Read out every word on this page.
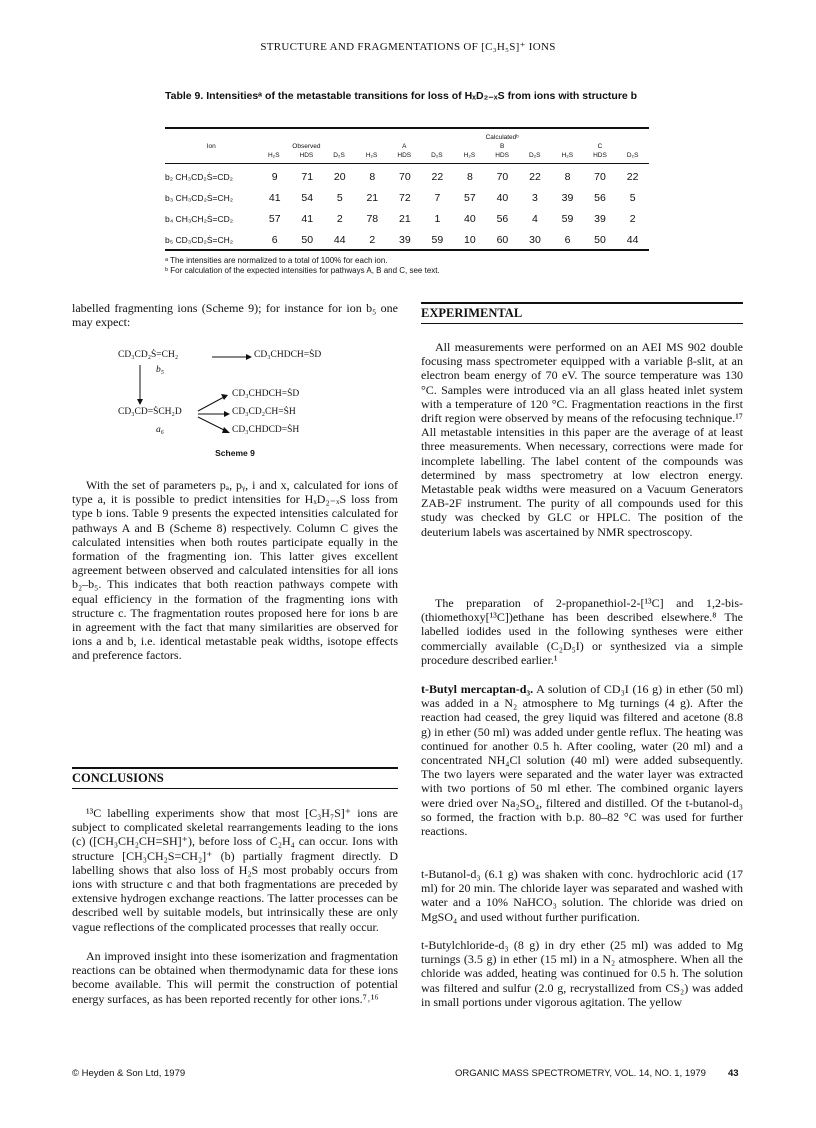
STRUCTURE AND FRAGMENTATIONS OF [C₃H₅S]⁺ IONS
Table 9. Intensitiesᵃ of the metastable transitions for loss of HₓD₂₋ₓS from ions with structure b
				Calculatedᵇ								
Ion	Observed			A			B			C		
	H₂S	HDS	D₂S	H₂S	HDS	D₂S	H₂S	HDS	D₂S	H₂S	HDS	D₂S
b₂ CH₃CD₂Ṡ=CD₂	9	71	20	8	70	22	8	70	22	8	70	22
b₃ CH₃CD₂Ṡ=CH₂	41	54	5	21	72	7	57	40	3	39	56	5
b₄ CH₃CH₂Ṡ=CD₂	57	41	2	78	21	1	40	56	4	59	39	2
b₅ CD₃CD₂Ṡ=CH₂	6	50	44	2	39	59	10	60	30	6	50	44
ᵃ The intensities are normalized to a total of 100% for each ion.
ᵇ For calculation of the expected intensities for pathways A, B and C, see text.
labelled fragmenting ions (Scheme 9); for instance for ion b₅ one may expect:
CD₃CD₂Ṡ=CH₂	CD₃CHDCH=ṠD
b₅
CD₃CHDCH=ṠD
CD₃CD=ṠCH₂D	CD₃CD₂CH=ṠH
CD₃CHDCD=ṠH
a₆
Scheme 9
With the set of parameters pₐ, pᵧ, i and x, calculated for ions of type a, it is possible to predict intensities for HₓD₂₋ₓS loss from type b ions. Table 9 presents the expected intensities calculated for pathways A and B (Scheme 8) respectively. Column C gives the calculated intensities when both routes participate equally in the formation of the fragmenting ion. This latter gives excellent agreement between observed and calculated intensities for all ions b₂–b₅. This indicates that both reaction pathways compete with equal efficiency in the formation of the fragmenting ions with structure c. The fragmentation routes proposed here for ions b are in agreement with the fact that many similarities are observed for ions a and b, i.e. identical metastable peak widths, isotope effects and preference factors.
CONCLUSIONS
¹³C labelling experiments show that most [C₃H₇S]⁺ ions are subject to complicated skeletal rearrangements leading to the ions (c) ([CH₃CH₂CH=SH]⁺), before loss of C₂H₄ can occur. Ions with structure [CH₃CH₂S=CH₂]⁺ (b) partially fragment directly. D labelling shows that also loss of H₂S most probably occurs from ions with structure c and that both fragmentations are preceded by extensive hydrogen exchange reactions. The latter processes can be described well by suitable models, but intrinsically these are only vague reflections of the complicated processes that really occur.
An improved insight into these isomerization and fragmentation reactions can be obtained when thermodynamic data for these ions become available. This will permit the construction of potential energy surfaces, as has been reported recently for other ions.⁷˒¹⁶
EXPERIMENTAL
All measurements were performed on an AEI MS 902 double focusing mass spectrometer equipped with a variable β-slit, at an electron beam energy of 70 eV. The source temperature was 130 °C. Samples were introduced via an all glass heated inlet system with a temperature of 120 °C. Fragmentation reactions in the first drift region were observed by means of the refocusing technique.¹⁷ All metastable intensities in this paper are the average of at least three measurements. When necessary, corrections were made for incomplete labelling. The label content of the compounds was determined by mass spectrometry at low electron energy. Metastable peak widths were measured on a Vacuum Generators ZAB-2F instrument. The purity of all compounds used for this study was checked by GLC or HPLC. The position of the deuterium labels was ascertained by NMR spectroscopy.
The preparation of 2-propanethiol-2-[¹³C] and 1,2-bis-(thiomethoxy[¹³C])ethane has been described elsewhere.⁸ The labelled iodides used in the following syntheses were either commercially available (C₂D₅I) or synthesized via a simple procedure described earlier.¹
t-Butyl mercaptan-d₃. A solution of CD₃I (16 g) in ether (50 ml) was added in a N₂ atmosphere to Mg turnings (4 g). After the reaction had ceased, the grey liquid was filtered and acetone (8.8 g) in ether (50 ml) was added under gentle reflux. The heating was continued for another 0.5 h. After cooling, water (20 ml) and a concentrated NH₄Cl solution (40 ml) were added subsequently. The two layers were separated and the water layer was extracted with two portions of 50 ml ether. The combined organic layers were dried over Na₂SO₄, filtered and distilled. Of the t-butanol-d₃ so formed, the fraction with b.p. 80–82 °C was used for further reactions.
t-Butanol-d₃ (6.1 g) was shaken with conc. hydrochloric acid (17 ml) for 20 min. The chloride layer was separated and washed with water and a 10% NaHCO₃ solution. The chloride was dried on MgSO₄ and used without further purification.
t-Butylchloride-d₃ (8 g) in dry ether (25 ml) was added to Mg turnings (3.5 g) in ether (15 ml) in a N₂ atmosphere. When all the chloride was added, heating was continued for 0.5 h. The solution was filtered and sulfur (2.0 g, recrystallized from CS₂) was added in small portions under vigorous agitation. The yellow
© Heyden & Son Ltd, 1979	ORGANIC MASS SPECTROMETRY, VOL. 14, NO. 1, 1979 43
